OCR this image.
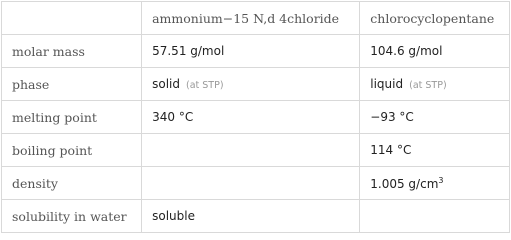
	ammonium−15 N,d 4chloride	chlorocyclopentane
molar mass	57.51 g/mol	104.6 g/mol
phase	solid (at STP)	liquid (at STP)
melting point	340 °C	−93 °C
boiling point		114 °C
density		1.005 $g/cm^3$
solubility in water	soluble	
